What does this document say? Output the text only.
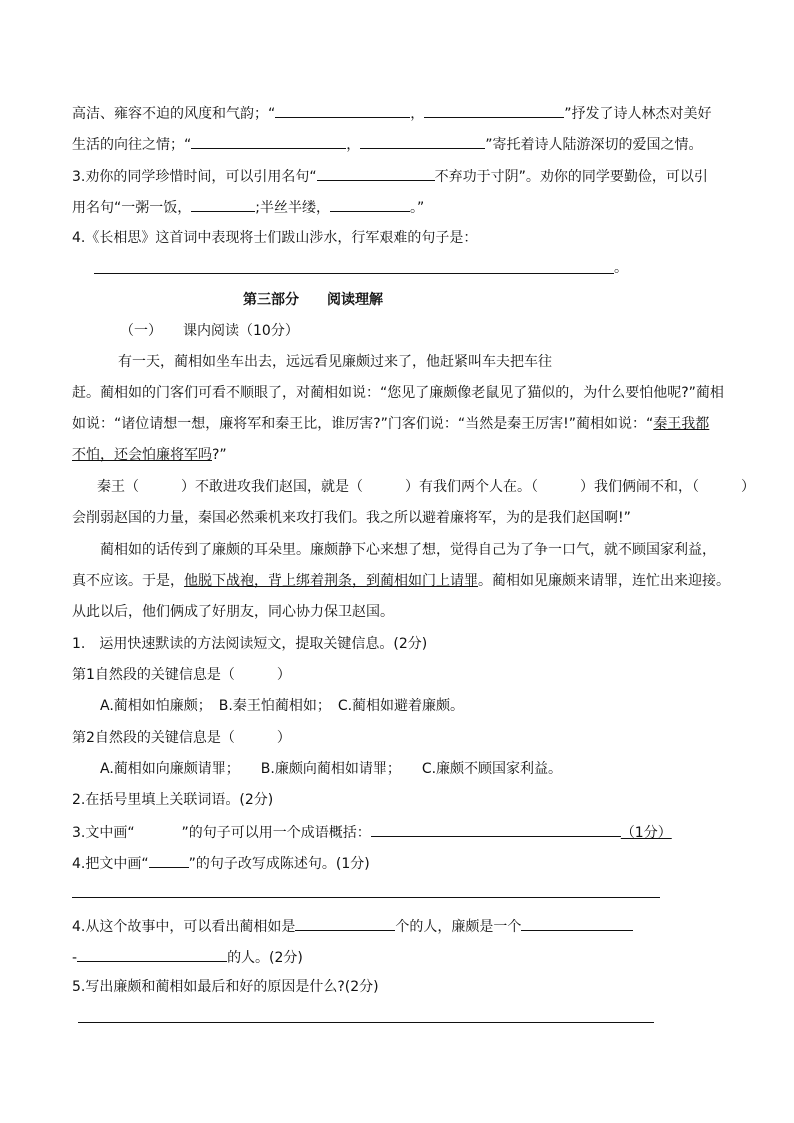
高洁、雍容不迫的风度和气韵；“	，	”抒发了诗人林杰对美好
生活的向往之情；“	，	”寄托着诗人陆游深切的爱国之情。
3.劝你的同学珍惜时间，可以引用名句“	不弃功于寸阴”。劝你的同学要勤俭，可以引
用名句“一粥一饭，	;半丝半缕，	。”
4.《长相思》这首词中表现将士们跋山涉水，行军艰难的句子是：
。
第三部分 阅读理解
（一）　　课内阅读（10分）
有一天，蔺相如坐车出去，远远看见廉颇过来了，他赶紧叫车夫把车往
赶。蔺相如的门客们可看不顺眼了，对蔺相如说：“您见了廉颇像老鼠见了猫似的，为什么要怕他呢?”蔺相
如说：“诸位请想一想，廉将军和秦王比，谁厉害?”门客们说：“当然是秦王厉害!”蔺相如说：“秦王我都
不怕，还会怕廉将军吗?”
秦王（　　　）不敢进攻我们赵国，就是（　　　）有我们两个人在。（　　　）我们俩闹不和，（　　　）
会削弱赵国的力量，秦国必然乘机来攻打我们。我之所以避着廉将军，为的是我们赵国啊!”
蔺相如的话传到了廉颇的耳朵里。廉颇静下心来想了想，觉得自己为了争一口气，就不顾国家利益，
真不应该。于是，他脱下战袍，背上绑着荆条，到蔺相如门上请罪。蔺相如见廉颇来请罪，连忙出来迎接。
从此以后，他们俩成了好朋友，同心协力保卫赵国。
1.　运用快速默读的方法阅读短文，提取关键信息。(2分)
第1自然段的关键信息是（　　　）
A.蔺相如怕廉颇；　B.秦王怕蔺相如；　C.蔺相如避着廉颇。
第2自然段的关键信息是（　　　）
A.蔺相如向廉颇请罪；　　B.廉颇向蔺相如请罪；　　C.廉颇不顾国家利益。
2.在括号里填上关联词语。(2分)
3.文中画“~~~~”的句子可以用一个成语概括：	（1分）
4.把文中画“	”的句子改写成陈述句。(1分)
4.从这个故事中，可以看出蔺相如是	个的人，廉颇是一个
-	的人。(2分)
5.写出廉颇和蔺相如最后和好的原因是什么?(2分)
